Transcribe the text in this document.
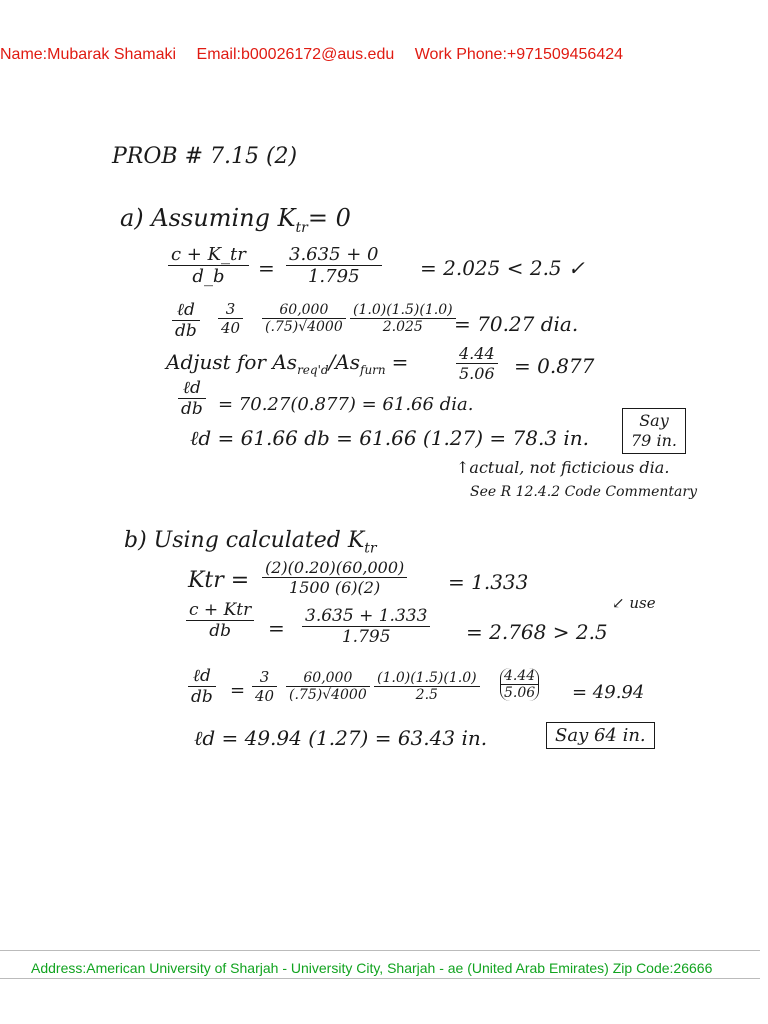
Name:Mubarak Shamaki Email:b00026172@aus.edu Work Phone:+971509456424
PROB # 7.15 (2)
a) Assuming $K_{tr}= 0$
$\frac{c + K\_tr}{d\_b} = \frac{3.635 + 0}{1.795} = 2.025 < 2.5$ ✓
ℓd
db $\frac{3}{40} \frac{60,000}{(.75)√4000} \frac{(1.0)(1.5)(1.0)}{2.025}$
= 70.27 dia.
Adjust for $As_{req'd}/As_{furn}$ =	$\frac{4.44}{5.06} = 0.877$
ℓd
db = 70.27(0.877) = 61.66 dia.
ℓd = 61.66 db = 61.66 (1.27) = 78.3 in.
Say
79 in.
↑actual, not ficticious dia.
See R 12.4.2 Code Commentary
b) Using calculated $K_{tr}$
Ktr = $\frac{(2)(0.20)(60,000)}{1500 (6)(2)} = 1.333$
c + Ktr
db	= $\frac{3.635 + 1.333}{1.795} = 2.768 > 2.5$
↙ use
ℓd
db = $\frac{3}{40} \frac{60,000}{(.75)√4000} \frac{(1.0)(1.5)(1.0)}{2.5} \frac{4.44}{5.06} = 49.94$
ℓd = 49.94 (1.27) = 63.43 in.	Say 64 in.
Address:American University of Sharjah - University City, Sharjah - ae (United Arab Emirates) Zip Code:26666
